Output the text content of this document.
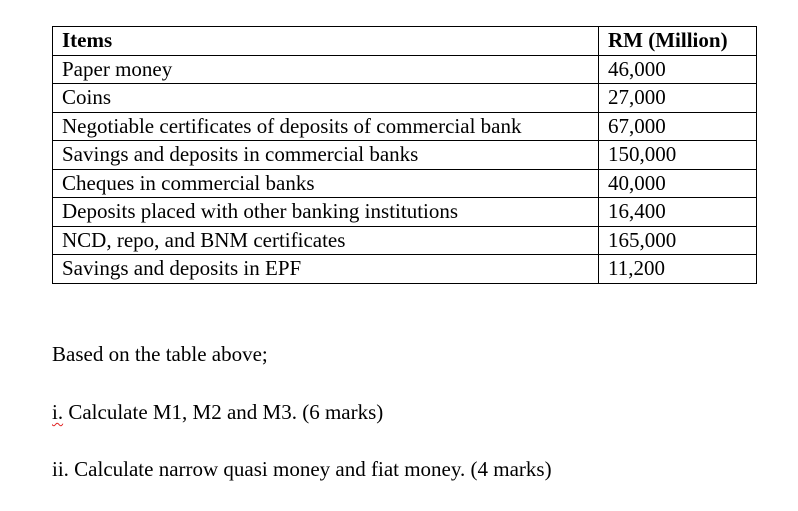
Items	RM (Million)
Paper money	46,000
Coins	27,000
Negotiable certificates of deposits of commercial bank	67,000
Savings and deposits in commercial banks	150,000
Cheques in commercial banks	40,000
Deposits placed with other banking institutions	16,400
NCD, repo, and BNM certificates	165,000
Savings and deposits in EPF	11,200
Based on the table above;
i. Calculate M1, M2 and M3. (6 marks)
ii. Calculate narrow quasi money and fiat money. (4 marks)
